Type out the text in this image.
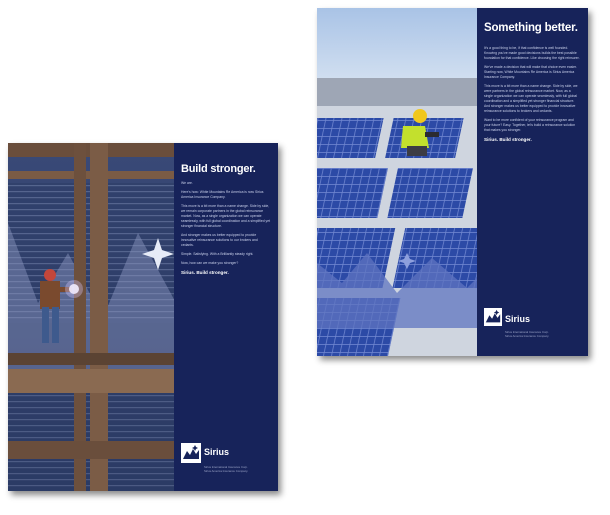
Build stronger.

We are.

Here's how: White Mountains Re America is now Sirius America Insurance Company.

This move is a bit more than a name change. Side by side, we remain corporate partners in the global reinsurance market. Now, as a single organization we can operate seamlessly, with full global coordination and a simplified yet stronger financial structure.

And stronger makes us better equipped to provide innovative reinsurance solutions to our brokers and cedants.

Simple. Satisfying. With a Brilliantly steady right.

Now, how can we make you stronger?

Sirius. Build stronger.

Sirius
Sirius International Insurance Corp.
Sirius America Insurance Company
Something better.

It's a good thing to be, if that confidence is well founded. Knowing you've made good decisions builds the best possible foundation for that confidence. Like choosing the right reinsurer.

We've made a decision that will make that choice even easier. Starting now, White Mountains Re America is Sirius America Insurance Company.

This move is a bit more than a name change. Side by side, we were partners in the global reinsurance market. Now, as a single organization we can operate seamlessly, with full global coordination and a simplified yet stronger financial structure. And stronger makes us better equipped to provide innovative reinsurance solutions to brokers and cedants.

Want to be more confident of your reinsurance program and your future? Easy. Together, let's build a reinsurance solution that makes you stronger.

Sirius. Build stronger.

Sirius
Sirius International Insurance Corp.
Sirius America Insurance Company
